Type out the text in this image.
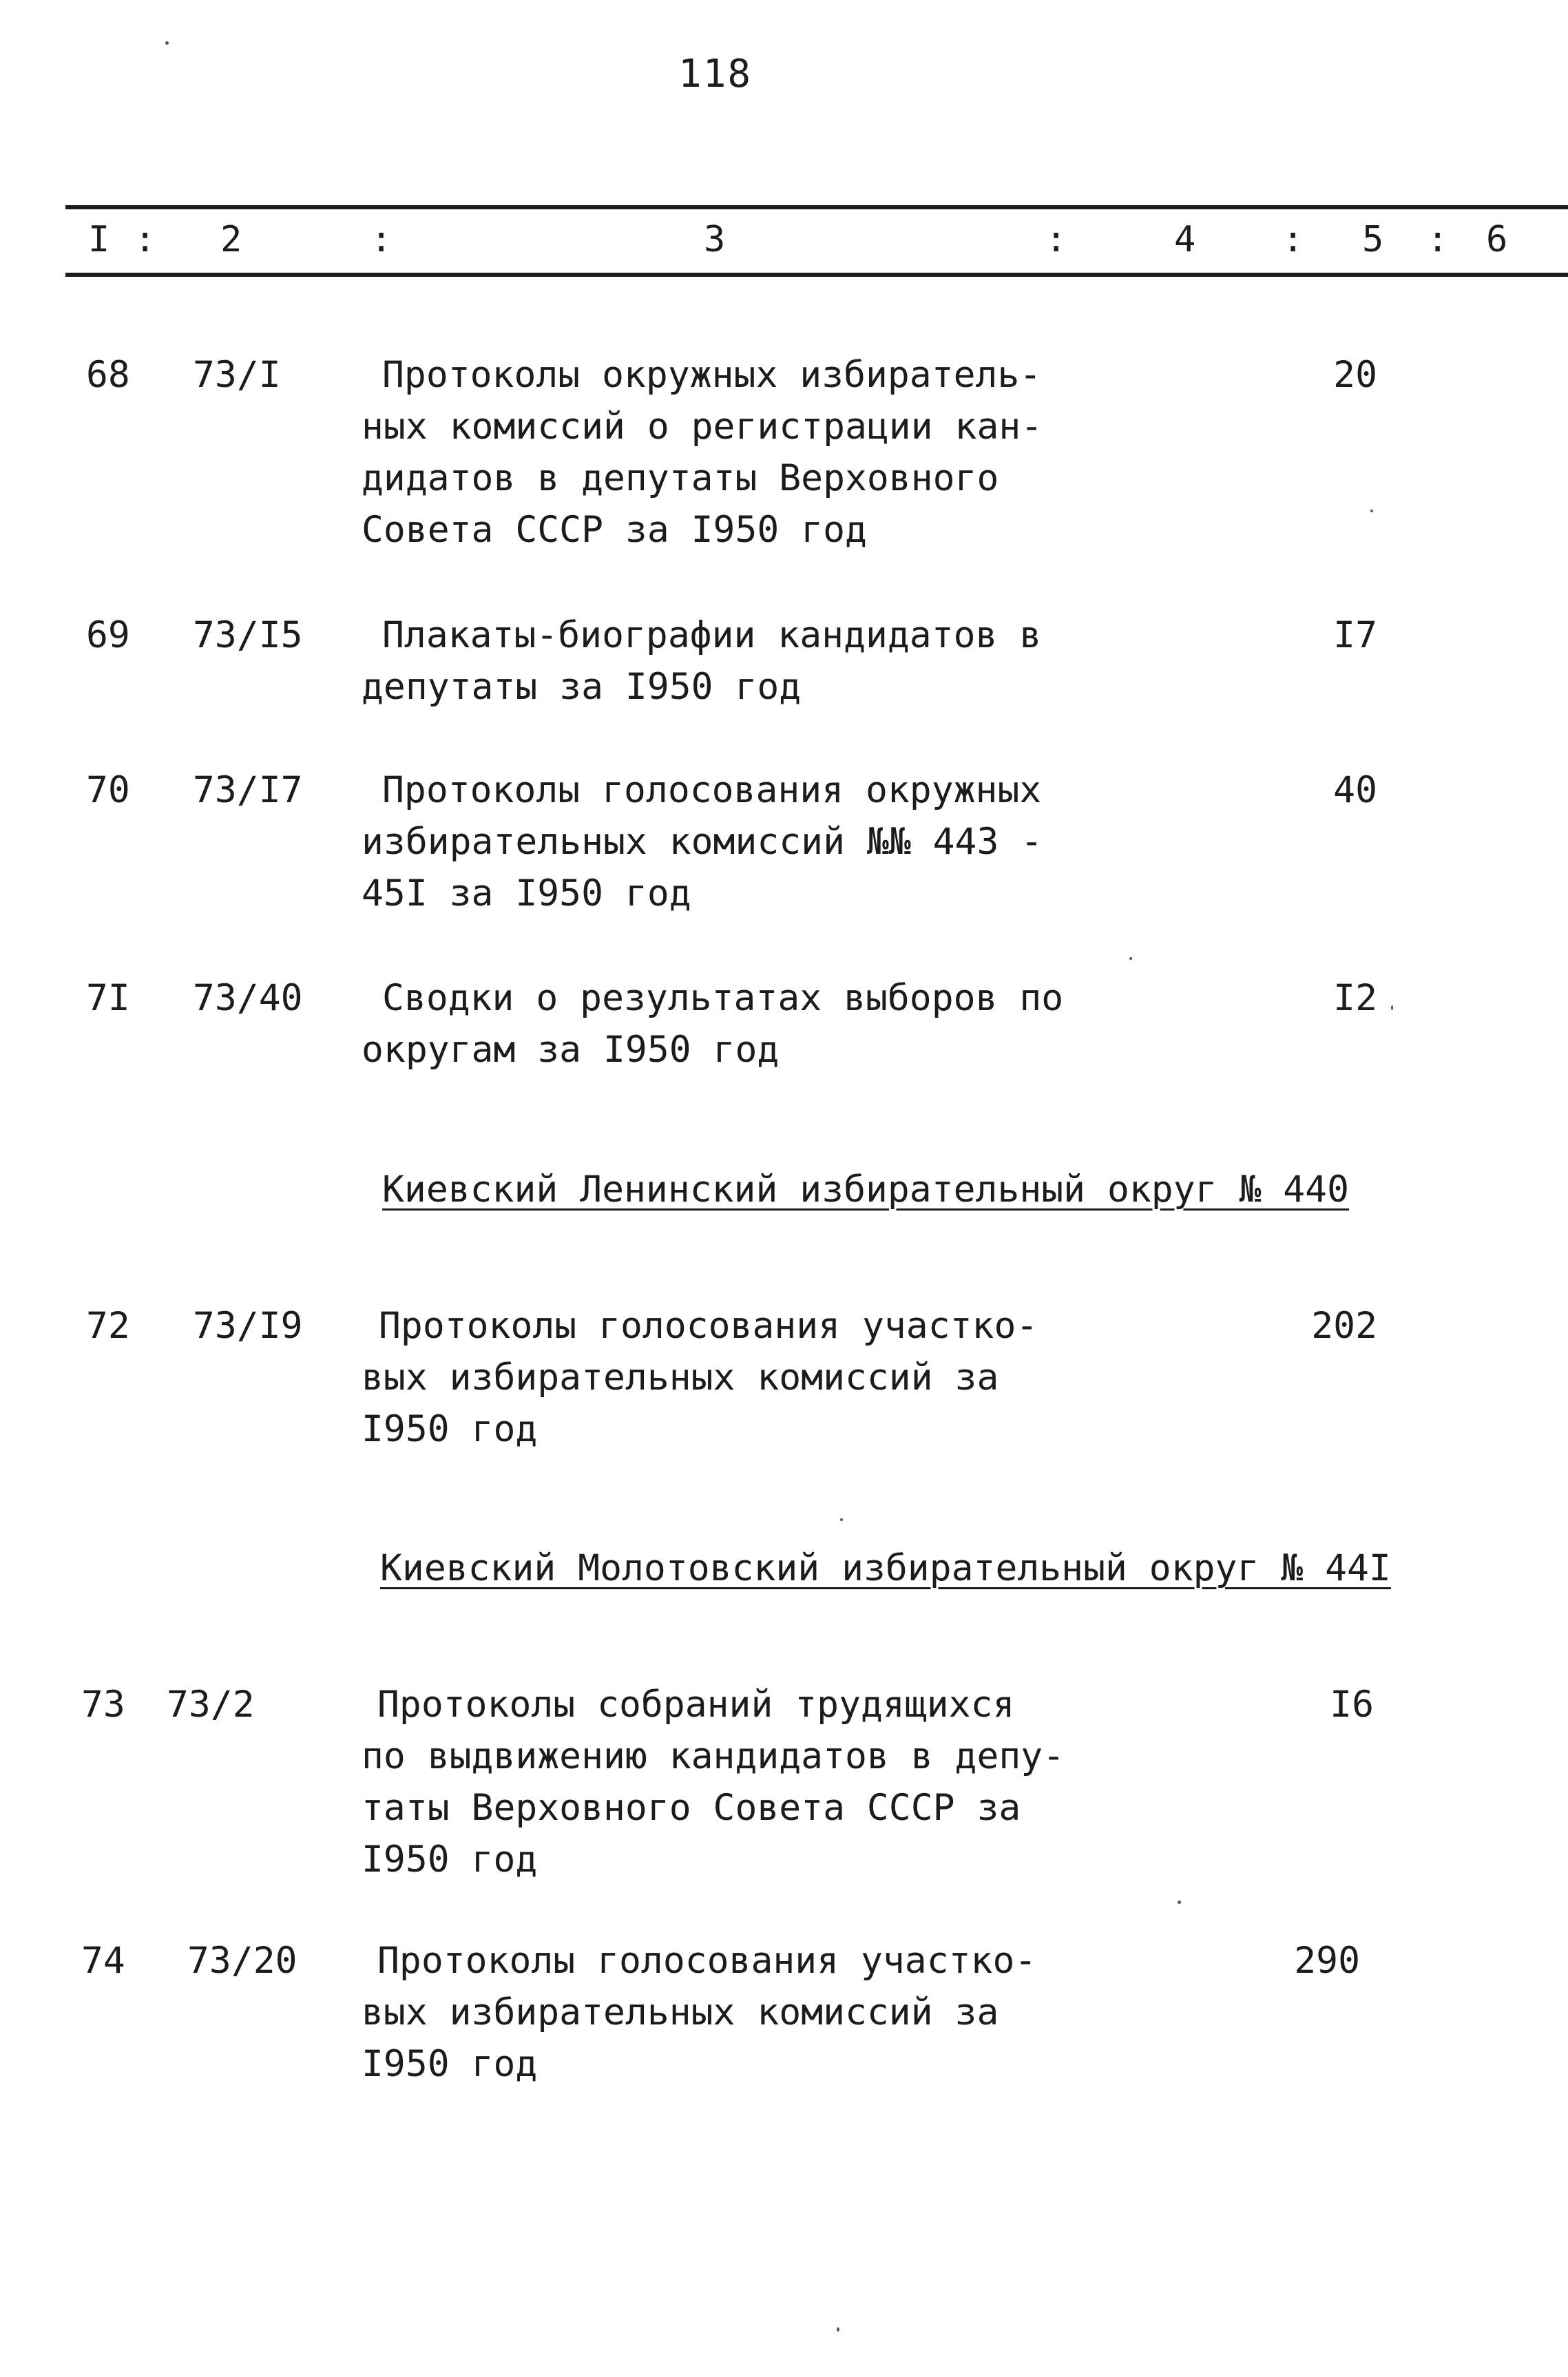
118
I : 2	:	3	:	4 : 5 : 6
68 73/I	Протоколы окружных избиратель-
ных комиссий о регистрации кан-
дидатов в депутаты Верховного
Совета СССР за I950 год
20
69 73/I5 Плакаты-биографии кандидатов в
депутаты за I950 год
I7
70 73/I7 Протоколы голосования окружных
избирательных комиссий №№ 443 -
45I за I950 год
40
7I 73/40 Сводки о результатах выборов по
округам за I950 год
I2
Киевский Ленинский избирательный округ № 440
72 73/I9 Протоколы голосования участко-
вых избирательных комиссий за
I950 год
202
Киевский Молотовский избирательный округ № 44I
73 73/2	Протоколы собраний трудящихся
по выдвижению кандидатов в депу-
таты Верховного Совета СССР за
I950 год
I6
74 73/20 Протоколы голосования участко-
вых избирательных комиссий за
I950 год
290
